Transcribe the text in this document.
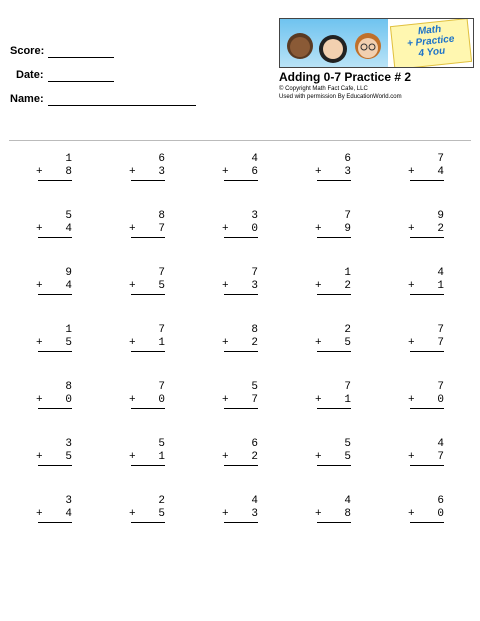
Score:
Date:
Name:
Math
+ Practice
4 You
Adding 0-7 Practice # 2
© Copyright Math Fact Cafe, LLC
Used with permission By EducationWorld.com
1
+ 8
6
+ 3
4
+ 6
6
+ 3
7
+ 4
5
+ 4
8
+ 7
3
+ 0
7
+ 9
9
+ 2
9
+ 4
7
+ 5
7
+ 3
1
+ 2
4
+ 1
1
+ 5
7
+ 1
8
+ 2
2
+ 5
7
+ 7
8
+ 0
7
+ 0
5
+ 7
7
+ 1
7
+ 0
3
+ 5
5
+ 1
6
+ 2
5
+ 5
4
+ 7
3
+ 4
2
+ 5
4
+ 3
4
+ 8
6
+ 0
